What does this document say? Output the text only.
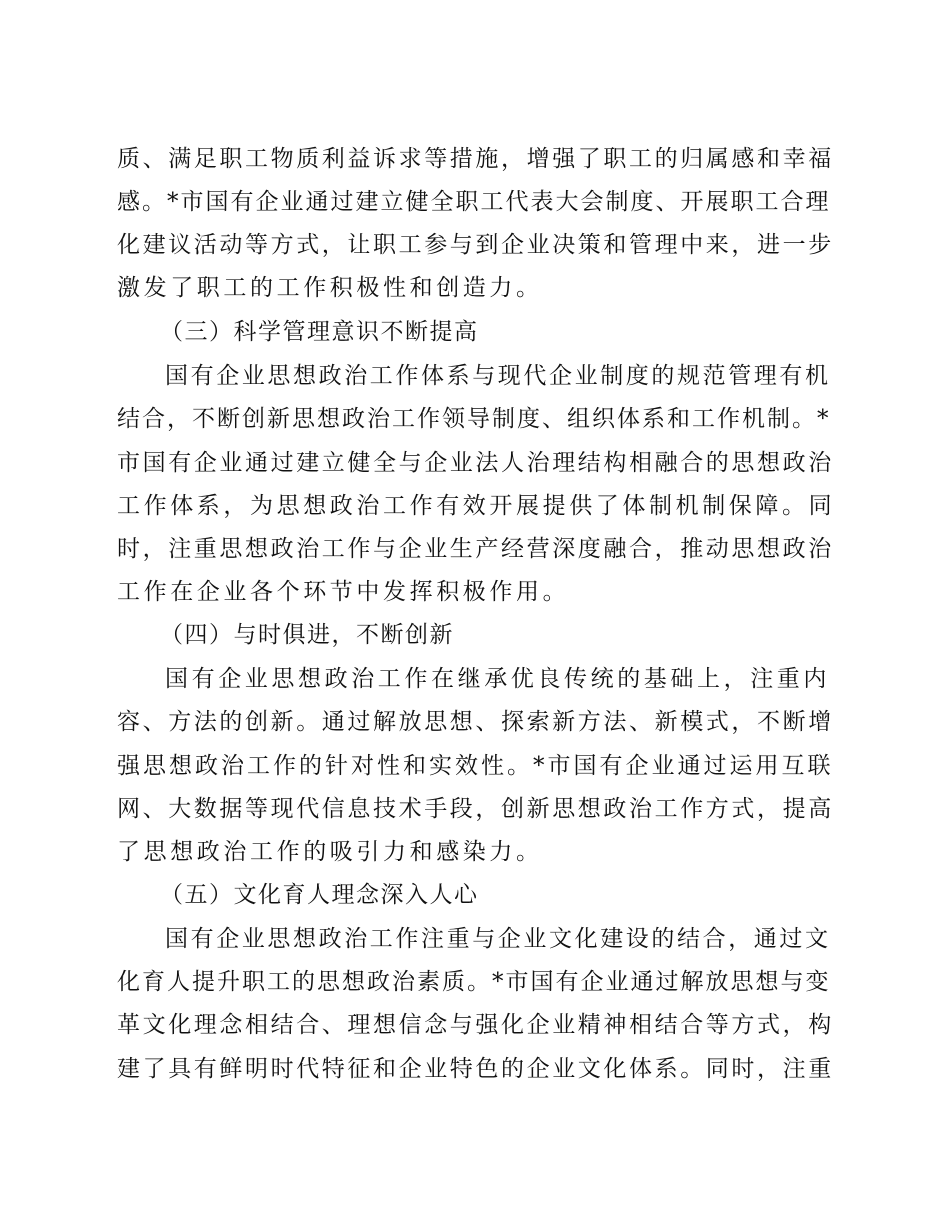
质、满足职工物质利益诉求等措施，增强了职工的归属感和幸福
感。*市国有企业通过建立健全职工代表大会制度、开展职工合理
化建议活动等方式，让职工参与到企业决策和管理中来，进一步
激发了职工的工作积极性和创造力。
（三）科学管理意识不断提高
国有企业思想政治工作体系与现代企业制度的规范管理有机
结合，不断创新思想政治工作领导制度、组织体系和工作机制。*
市国有企业通过建立健全与企业法人治理结构相融合的思想政治
工作体系，为思想政治工作有效开展提供了体制机制保障。同
时，注重思想政治工作与企业生产经营深度融合，推动思想政治
工作在企业各个环节中发挥积极作用。
（四）与时俱进，不断创新
国有企业思想政治工作在继承优良传统的基础上，注重内
容、方法的创新。通过解放思想、探索新方法、新模式，不断增
强思想政治工作的针对性和实效性。*市国有企业通过运用互联
网、大数据等现代信息技术手段，创新思想政治工作方式，提高
了思想政治工作的吸引力和感染力。
（五）文化育人理念深入人心
国有企业思想政治工作注重与企业文化建设的结合，通过文
化育人提升职工的思想政治素质。*市国有企业通过解放思想与变
革文化理念相结合、理想信念与强化企业精神相结合等方式，构
建了具有鲜明时代特征和企业特色的企业文化体系。同时，注重
